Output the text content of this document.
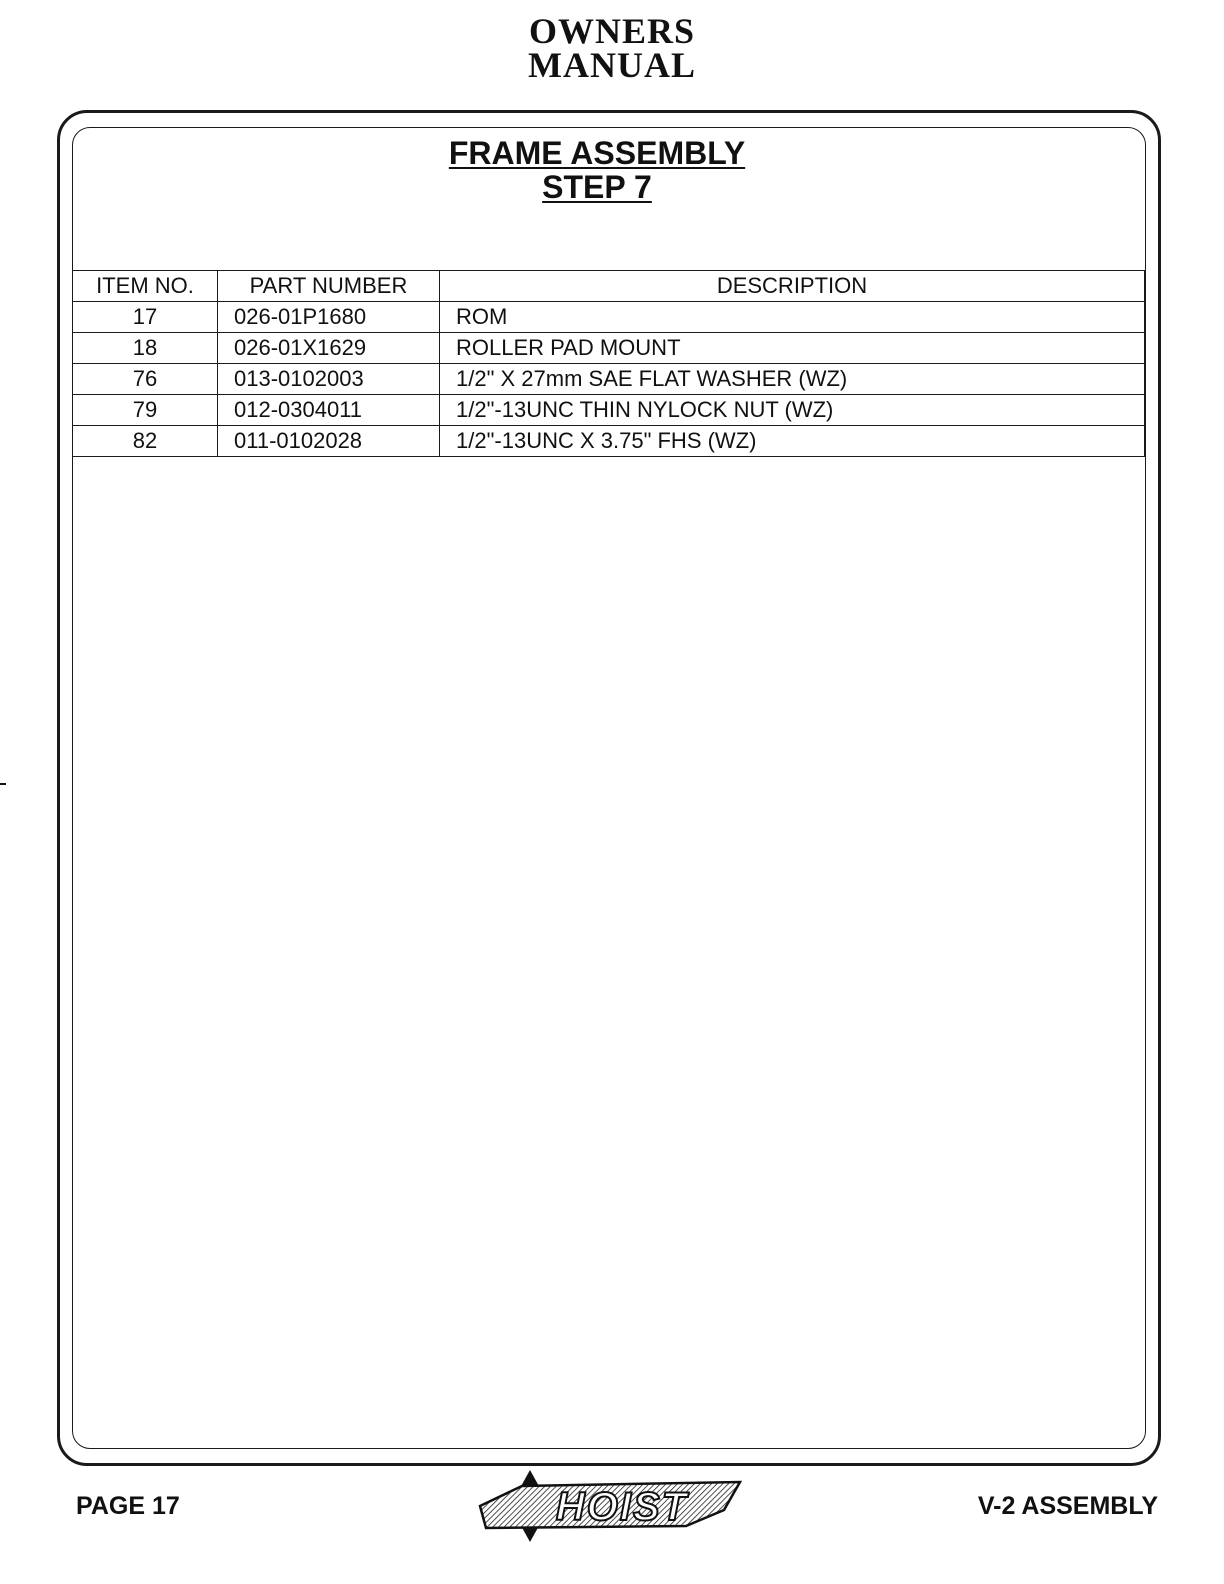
OWNERS
MANUAL
FRAME ASSEMBLY
STEP 7
ITEM NO.	PART NUMBER	DESCRIPTION
17	026-01P1680	ROM
18	026-01X1629	ROLLER PAD MOUNT
76	013-0102003	1/2" X 27mm SAE FLAT WASHER (WZ)
79	012-0304011	1/2"-13UNC THIN NYLOCK NUT (WZ)
82	011-0102028	1/2"-13UNC X 3.75" FHS (WZ)
PAGE 17	HOIST	V-2 ASSEMBLY
